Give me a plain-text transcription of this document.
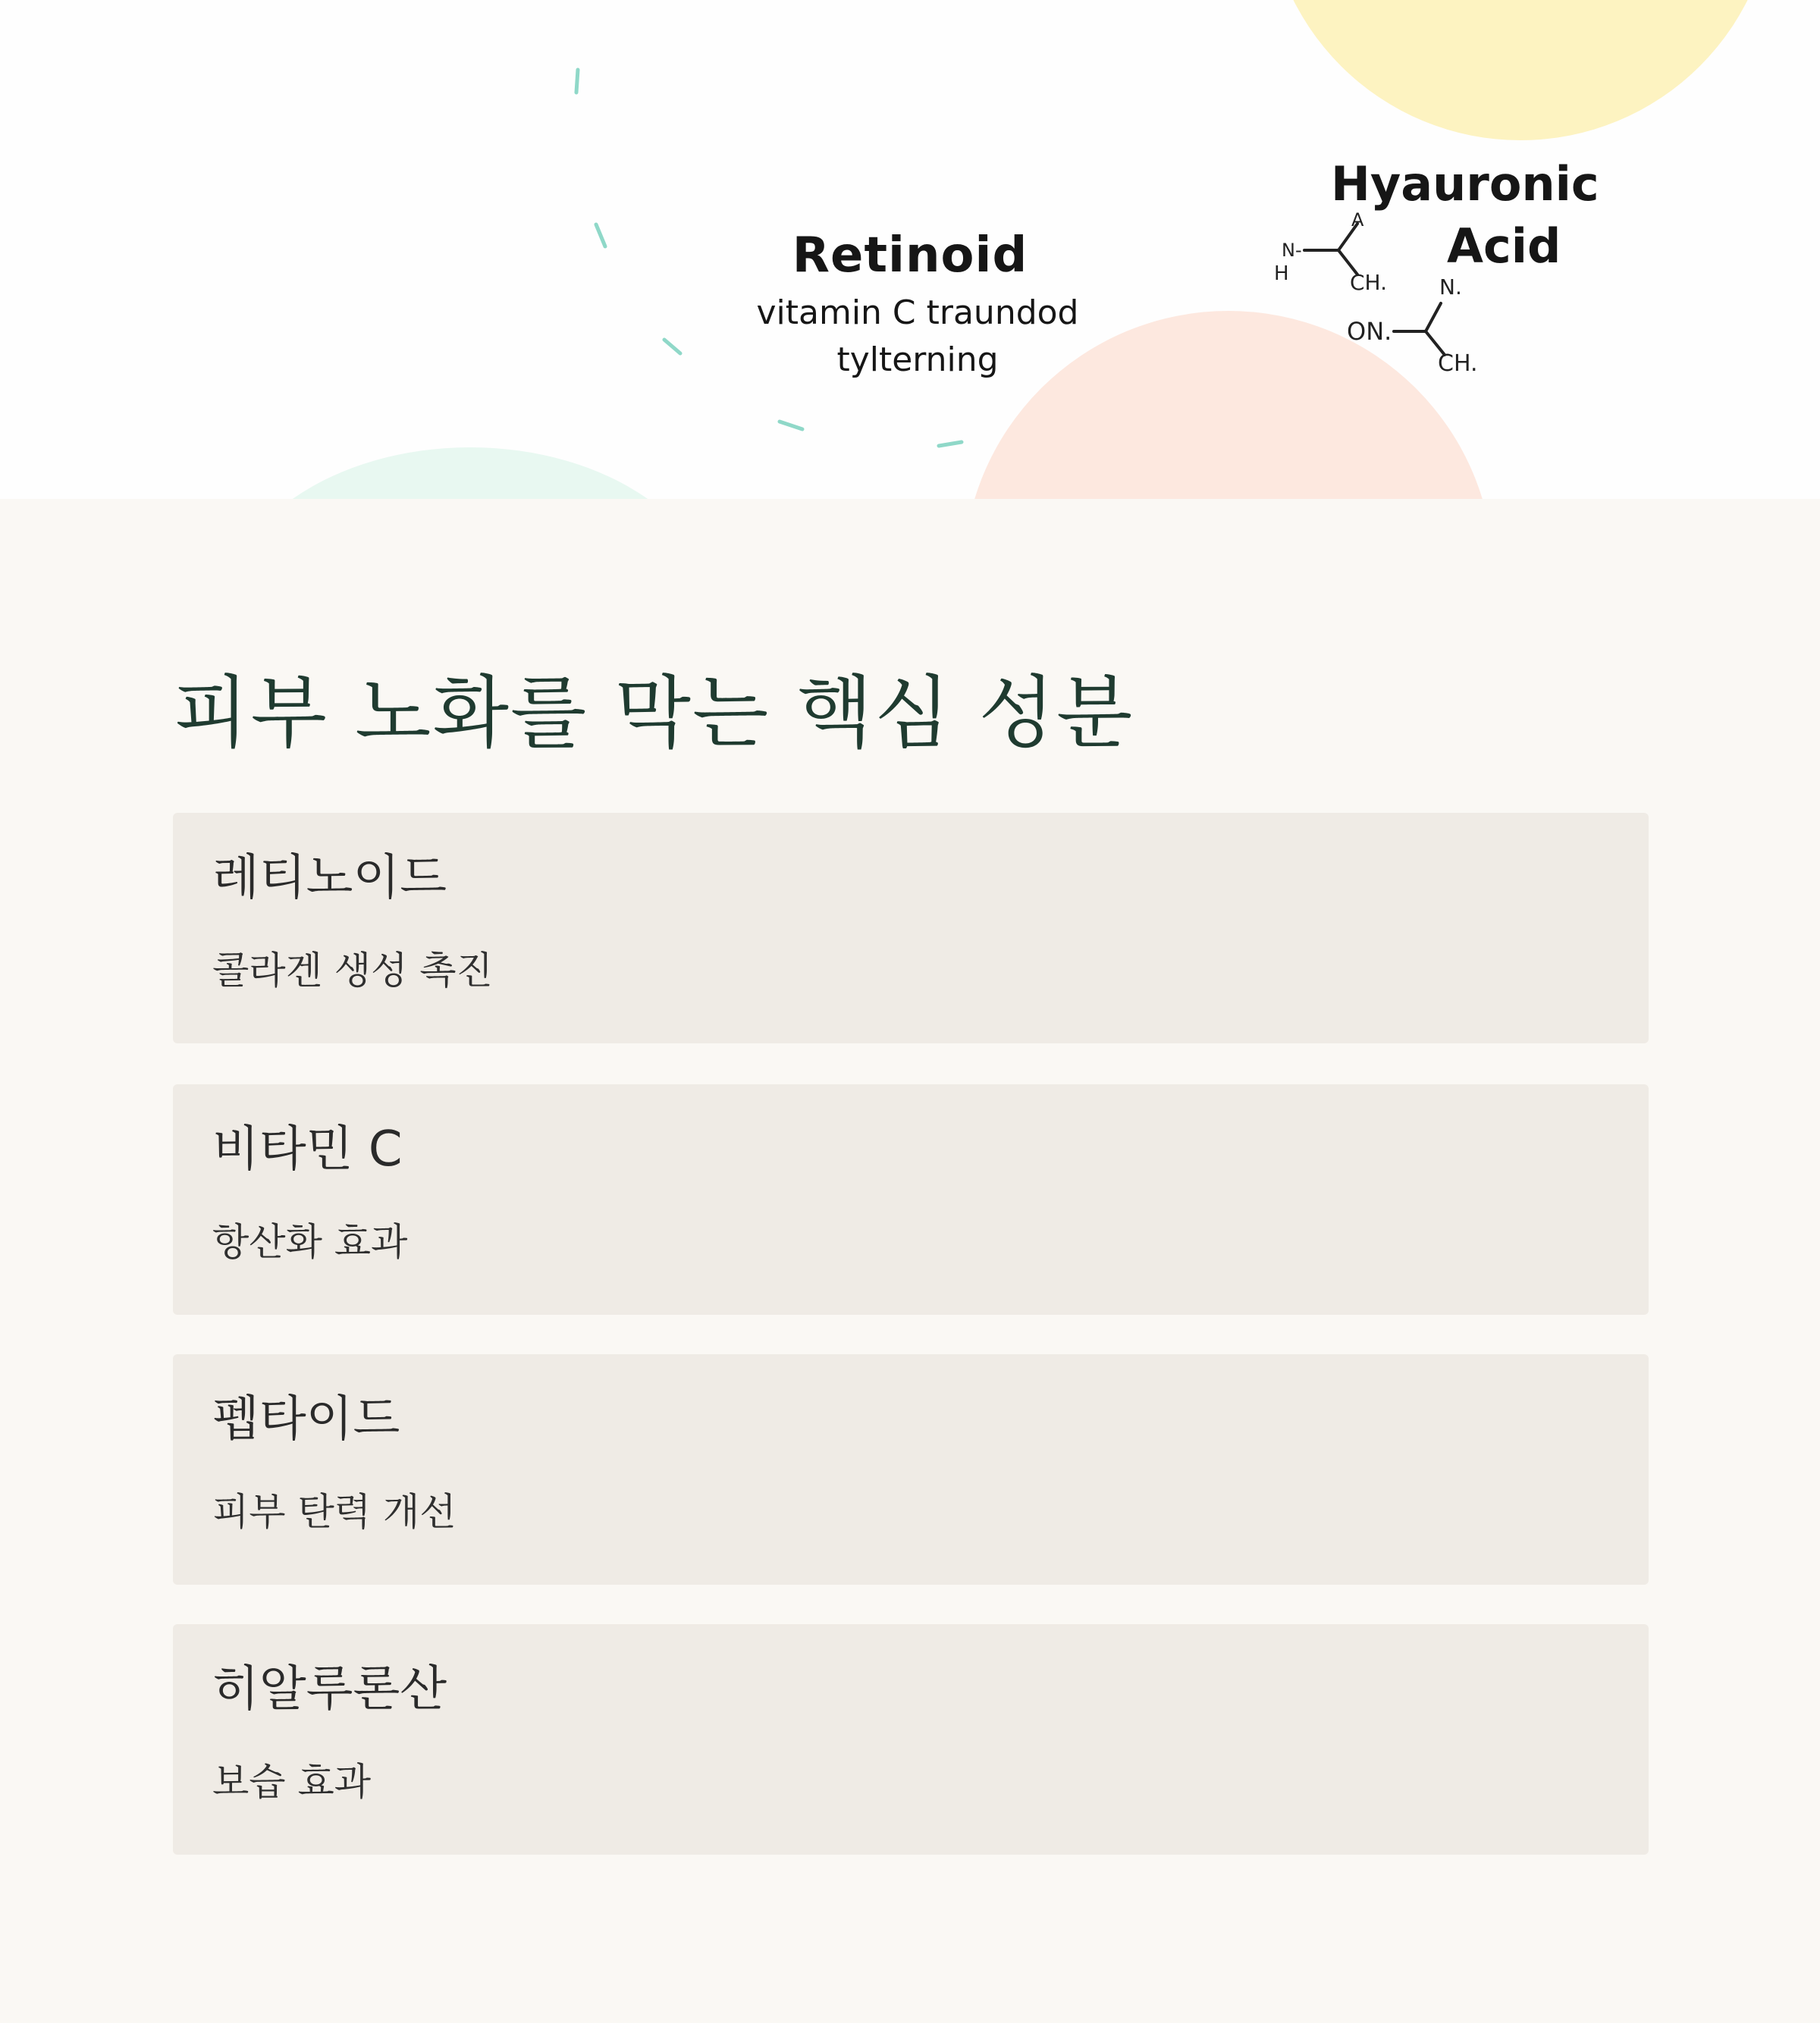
Retinoid
vitamin C traundod
tylterning
Hyauronic
Acid
A
N-
H	CH. N.
ON.
CH.
피부 노화를 막는 핵심 성분
레티노이드

콜라겐 생성 촉진

비타민 C

항산화 효과

펩타이드

피부 탄력 개선

히알루론산

보습 효과
